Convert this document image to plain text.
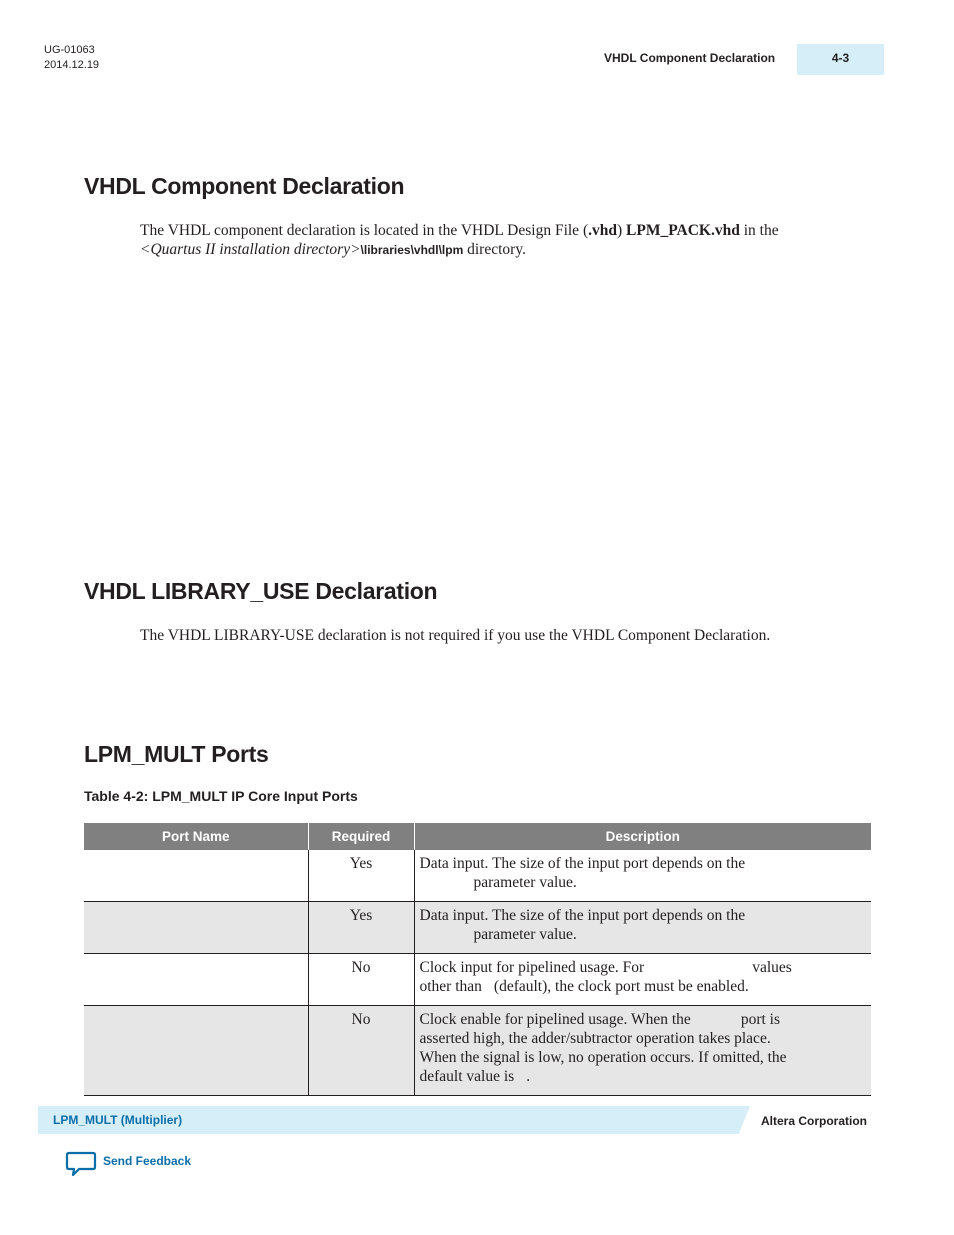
UG-01063
2014.12.19	VHDL Component Declaration	4-3
VHDL Component Declaration
The VHDL component declaration is located in the VHDL Design File (.vhd) LPM_PACK.vhd in the
<Quartus II installation directory>\libraries\vhdl\lpm directory.
VHDL LIBRARY_USE Declaration
The VHDL LIBRARY-USE declaration is not required if you use the VHDL Component Declaration.
LPM_MULT Ports
Table 4-2: LPM_MULT IP Core Input Ports
Port Name	Required	Description
	Yes	Data input. The size of the input port depends on the
parameter value.
	Yes	Data input. The size of the input port depends on the
parameter value.
	No	Clock input for pipelined usage. For values
other than (default), the clock port must be enabled.
	No	Clock enable for pipelined usage. When the port is
asserted high, the adder/subtractor operation takes place.
When the signal is low, no operation occurs. If omitted, the
default value is .
LPM_MULT (Multiplier)	Altera Corporation
Send Feedback
